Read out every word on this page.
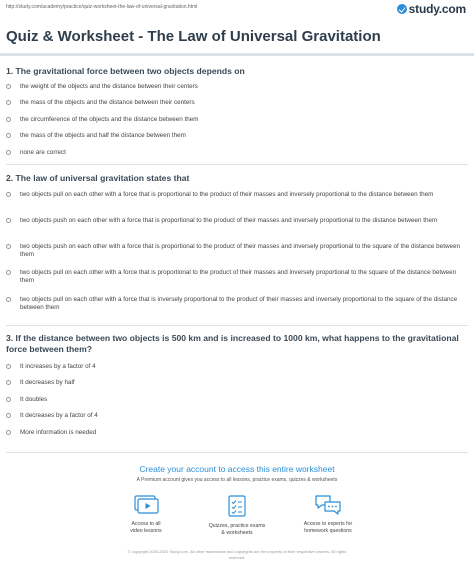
http://study.com/academy/practice/quiz-worksheet-the-law-of-universal-gravitation.html	study.com
Quiz & Worksheet - The Law of Universal Gravitation
1. The gravitational force between two objects depends on
the weight of the objects and the distance between their centers
the mass of the objects and the distance between their centers
the circumference of the objects and the distance between them
the mass of the objects and half the distance between them
none are correct
2. The law of universal gravitation states that
two objects pull on each other with a force that is proportional to the product of their masses and inversely proportional to the distance between them
two objects push on each other with a force that is proportional to the product of their masses and inversely proportional to the distance between them
two objects push on each other with a force that is proportional to the product of their masses and inversely proportional to the square of the distance between them
two objects pull on each other with a force that is proportional to the product of their masses and inversely proportional to the square of the distance between them
two objects pull on each other with a force that is inversely proportional to the product of their masses and inversely proportional to the square of the distance between them
3. If the distance between two objects is 500 km and is increased to 1000 km, what happens to the gravitational force between them?
It increases by a factor of 4
It decreases by half
It doubles
It decreases by a factor of 4
More information is needed
Create your account to access this entire worksheet
A Premium account gives you access to all lessons, practice exams, quizzes & worksheets
Access to all
video lessons
Quizzes, practice exams
& worksheets
Access to experts for
homework questions
© copyright 2003-2020 Study.com. All other trademarks and copyrights are the property of their respective owners. All rights
reserved.
